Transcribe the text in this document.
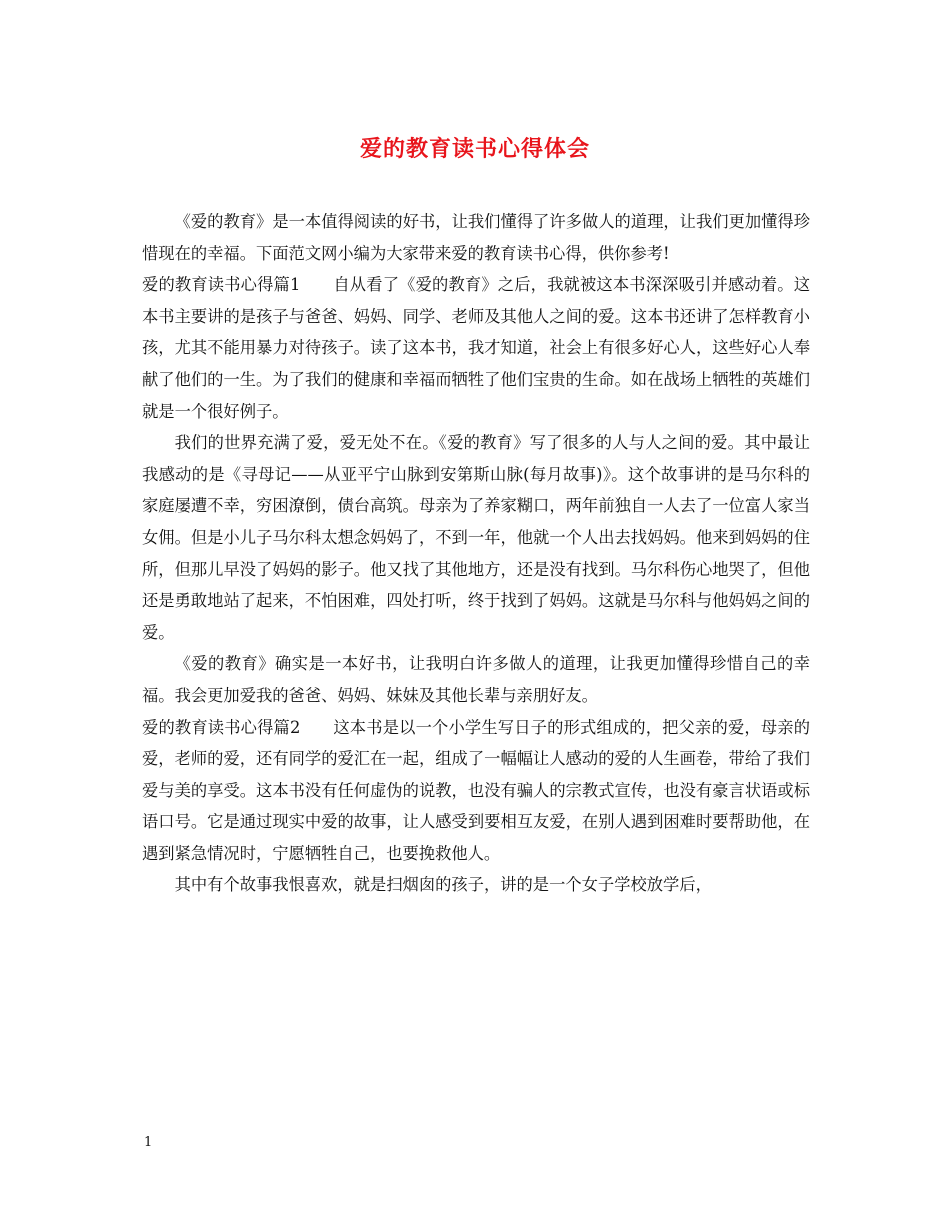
爱的教育读书心得体会

《爱的教育》是一本值得阅读的好书，让我们懂得了许多做人的道理，让我们更加懂得珍惜现在的幸福。下面范文网小编为大家带来爱的教育读书心得，供你参考!

爱的教育读书心得篇1　　自从看了《爱的教育》之后，我就被这本书深深吸引并感动着。这本书主要讲的是孩子与爸爸、妈妈、同学、老师及其他人之间的爱。这本书还讲了怎样教育小孩，尤其不能用暴力对待孩子。读了这本书，我才知道，社会上有很多好心人，这些好心人奉献了他们的一生。为了我们的健康和幸福而牺牲了他们宝贵的生命。如在战场上牺牲的英雄们就是一个很好例子。

我们的世界充满了爱，爱无处不在。《爱的教育》写了很多的人与人之间的爱。其中最让我感动的是《寻母记——从亚平宁山脉到安第斯山脉(每月故事)》。这个故事讲的是马尔科的家庭屡遭不幸，穷困潦倒，债台高筑。母亲为了养家糊口，两年前独自一人去了一位富人家当女佣。但是小儿子马尔科太想念妈妈了，不到一年，他就一个人出去找妈妈。他来到妈妈的住所，但那儿早没了妈妈的影子。他又找了其他地方，还是没有找到。马尔科伤心地哭了，但他还是勇敢地站了起来，不怕困难，四处打听，终于找到了妈妈。这就是马尔科与他妈妈之间的爱。

《爱的教育》确实是一本好书，让我明白许多做人的道理，让我更加懂得珍惜自己的幸福。我会更加爱我的爸爸、妈妈、妹妹及其他长辈与亲朋好友。

爱的教育读书心得篇2　　这本书是以一个小学生写日子的形式组成的，把父亲的爱，母亲的爱，老师的爱，还有同学的爱汇在一起，组成了一幅幅让人感动的爱的人生画卷，带给了我们爱与美的享受。这本书没有任何虚伪的说教，也没有骗人的宗教式宣传，也没有豪言状语或标语口号。它是通过现实中爱的故事，让人感受到要相互友爱，在别人遇到困难时要帮助他，在遇到紧急情况时，宁愿牺牲自己，也要挽救他人。

其中有个故事我恨喜欢，就是扫烟囱的孩子，讲的是一个女子学校放学后，

1
